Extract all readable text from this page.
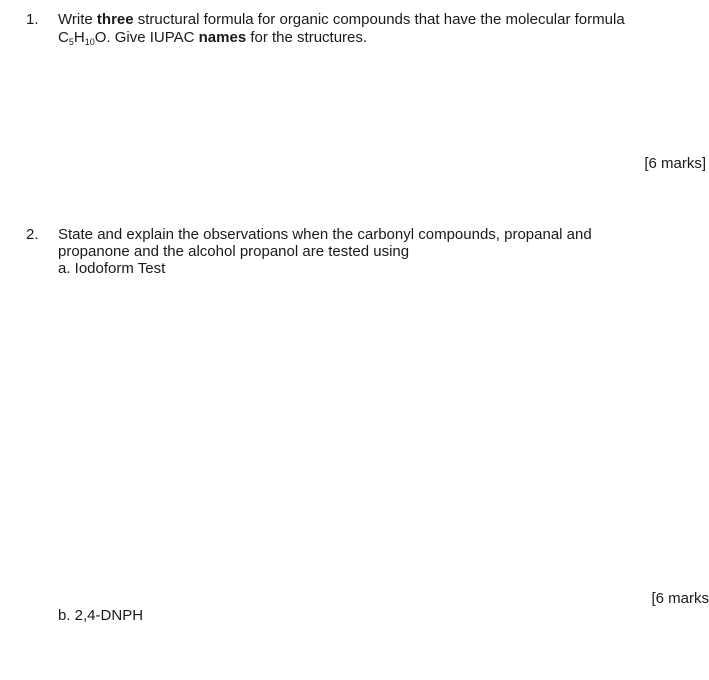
1. Write three structural formula for organic compounds that have the molecular formula
$C_5H_{10}O$. Give IUPAC names for the structures.
[6 marks]
2. State and explain the observations when the carbonyl compounds, propanal and
propanone and the alcohol propanol are tested using
a. Iodoform Test
[6 marks
b. 2,4-DNPH
